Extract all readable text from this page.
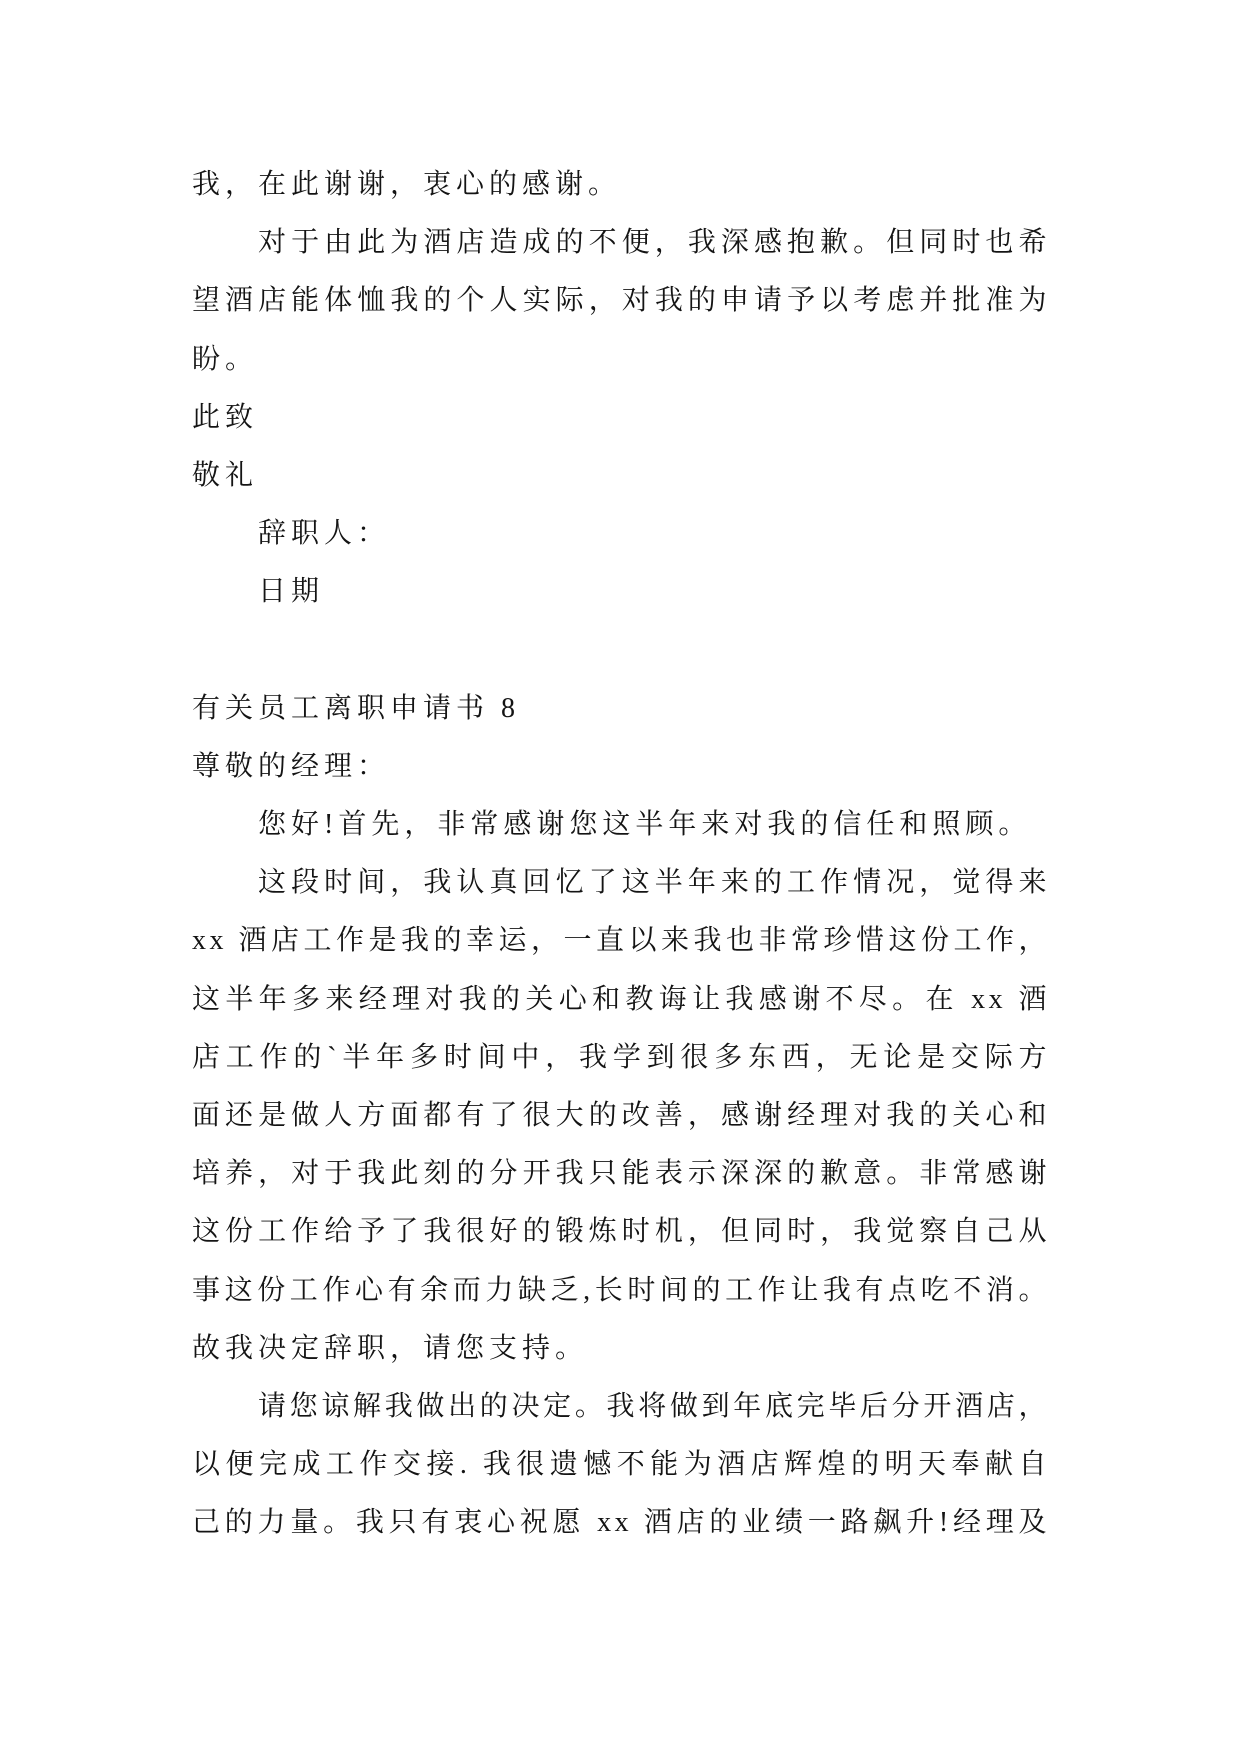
我，在此谢谢，衷心的感谢。
对于由此为酒店造成的不便，我深感抱歉。但同时也希
望酒店能体恤我的个人实际，对我的申请予以考虑并批准为
盼。
此致
敬礼
辞职人：
日期
有关员工离职申请书 8
尊敬的经理：
您好!首先，非常感谢您这半年来对我的信任和照顾。
这段时间，我认真回忆了这半年来的工作情况，觉得来
xx 酒店工作是我的幸运，一直以来我也非常珍惜这份工作，
这半年多来经理对我的关心和教诲让我感谢不尽。在 xx 酒
店工作的`半年多时间中，我学到很多东西，无论是交际方
面还是做人方面都有了很大的改善，感谢经理对我的关心和
培养，对于我此刻的分开我只能表示深深的歉意。非常感谢
这份工作给予了我很好的锻炼时机，但同时，我觉察自己从
事这份工作心有余而力缺乏,长时间的工作让我有点吃不消。
故我决定辞职，请您支持。
请您谅解我做出的决定。我将做到年底完毕后分开酒店，
以便完成工作交接. 我很遗憾不能为酒店辉煌的明天奉献自
己的力量。我只有衷心祝愿 xx 酒店的业绩一路飙升!经理及
